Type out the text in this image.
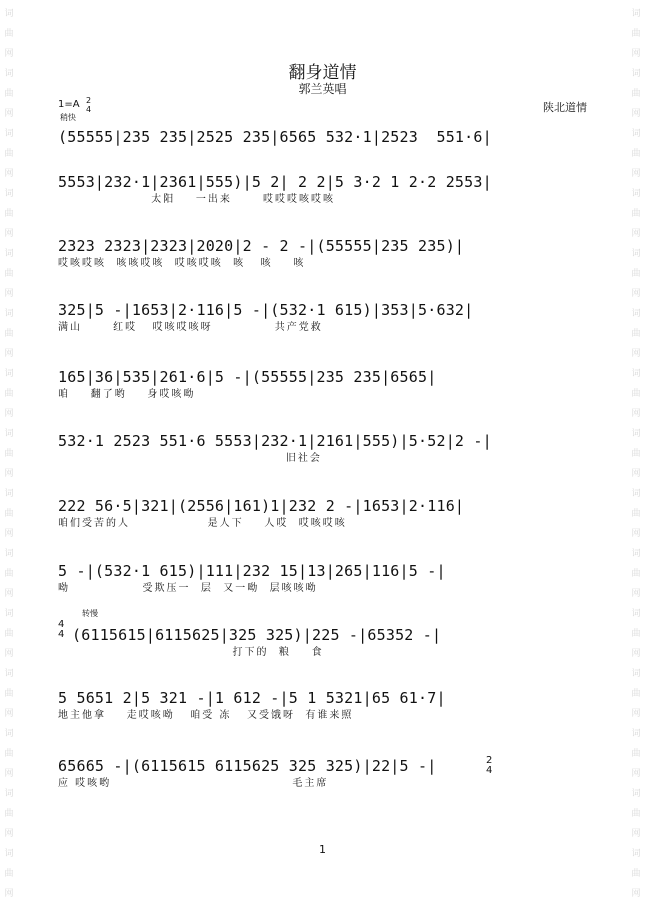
词
曲
网
词
曲
网
词
曲
网
词
曲
网
词
曲
网
词
曲
网
词
曲
网
词
曲
网
词
曲
网
词
曲
网
词
曲
网
词
曲
网
词
曲
网
词
曲
网
词
曲
网
词
曲
网
词
曲
网
词
曲
网
词
曲
网
词
曲
网
词
曲
网
词
曲
网
词
曲
网
词
曲
网
词
曲
网
词
曲
网
词
曲
网
词
曲
网
词
曲
网
词
曲
网
翻身道情
郭兰英唱
1=A 2
4
稍快
陕北道情
(55555|235 235|2525 235|6565 532·1|2523  551·6|
5553|232·1|2361|555)|5 2| 2 2|5 3·2 1 2·2 2553|
太阳    一出来      哎哎哎咳哎咳
2323 2323|2323|2020|2 - 2 -|(55555|235 235)|
哎咳哎咳  咳咳哎咳  哎咳哎咳  咳   咳    咳
325|5 -|1653|2·116|5 -|(532·1 615)|353|5·632|
满山      红哎   哎咳哎咳呀            共产党救
165|36|535|261·6|5 -|(55555|235 235|6565|
咱    翻了哟    身哎咳呦
532·1 2523 551·6 5553|232·1|2161|555)|5·52|2 -|
旧社会
222 56·5|321|(2556|161)1|232 2 -|1653|2·116|
咱们受苦的人               是人下    人哎  哎咳哎咳
5 -|(532·1 615)|111|232 15|13|265|116|5 -|
呦              受欺压一  层  又一呦  层咳咳呦
转慢
4
4 (6115615|6115625|325 325)|225 -|65352 -|
打下的  粮    食
5 5651 2|5 321 -|1 612 -|5 1 5321|65 61·7|
地主他拿    走哎咳呦   咱受 冻   又受饿呀  有谁来照
2
4
65665 -|(6115615 6115625 325 325)|22|5 -|
应 哎咳哟                                   毛主席
1
